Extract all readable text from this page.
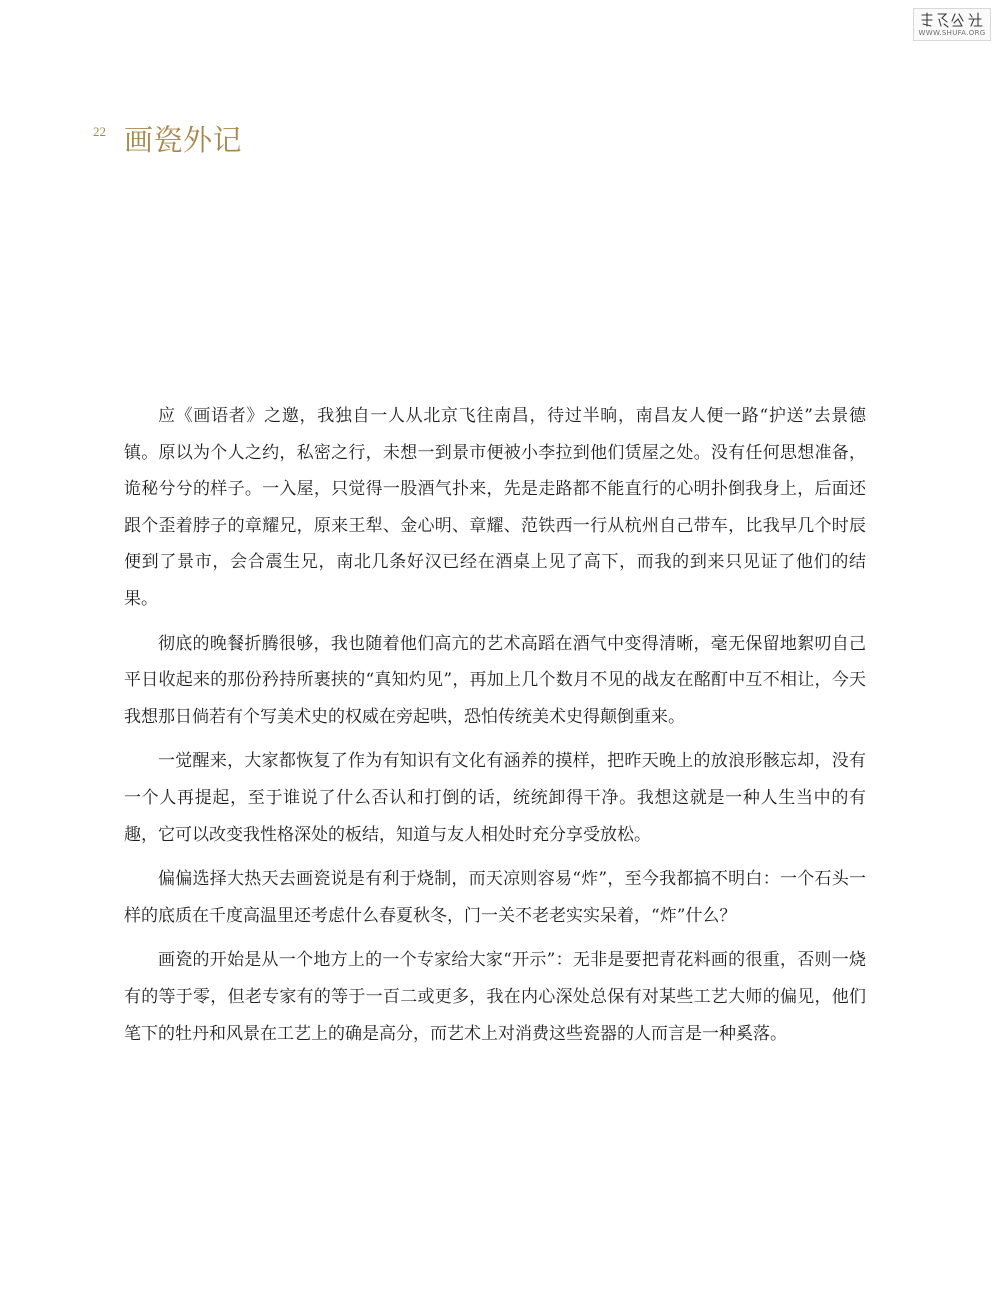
WWW.SHUFA.ORG
22 画瓷外记

应《画语者》之邀，我独自一人从北京飞往南昌，待过半晌，南昌友人便一路“护送”去景德镇。原以为个人之约，私密之行，未想一到景市便被小李拉到他们赁屋之处。没有任何思想准备，诡秘兮兮的样子。一入屋，只觉得一股酒气扑来，先是走路都不能直行的心明扑倒我身上，后面还跟个歪着脖子的章耀兄，原来王犁、金心明、章耀、范铁西一行从杭州自己带车，比我早几个时辰便到了景市，会合震生兄，南北几条好汉已经在酒桌上见了高下，而我的到来只见证了他们的结果。

彻底的晚餐折腾很够，我也随着他们高亢的艺术高蹈在酒气中变得清晰，毫无保留地絮叨自己平日收起来的那份矜持所裹挟的“真知灼见”，再加上几个数月不见的战友在酩酊中互不相让，今天我想那日倘若有个写美术史的权威在旁起哄，恐怕传统美术史得颠倒重来。

一觉醒来，大家都恢复了作为有知识有文化有涵养的摸样，把昨天晚上的放浪形骸忘却，没有一个人再提起，至于谁说了什么否认和打倒的话，统统卸得干净。我想这就是一种人生当中的有趣，它可以改变我性格深处的板结，知道与友人相处时充分享受放松。

偏偏选择大热天去画瓷说是有利于烧制，而天凉则容易“炸”，至今我都搞不明白：一个石头一样的底质在千度高温里还考虑什么春夏秋冬，门一关不老老实实呆着，“炸”什么？

画瓷的开始是从一个地方上的一个专家给大家“开示”：无非是要把青花料画的很重，否则一烧有的等于零，但老专家有的等于一百二或更多，我在内心深处总保有对某些工艺大师的偏见，他们笔下的牡丹和风景在工艺上的确是高分，而艺术上对消费这些瓷器的人而言是一种奚落。
